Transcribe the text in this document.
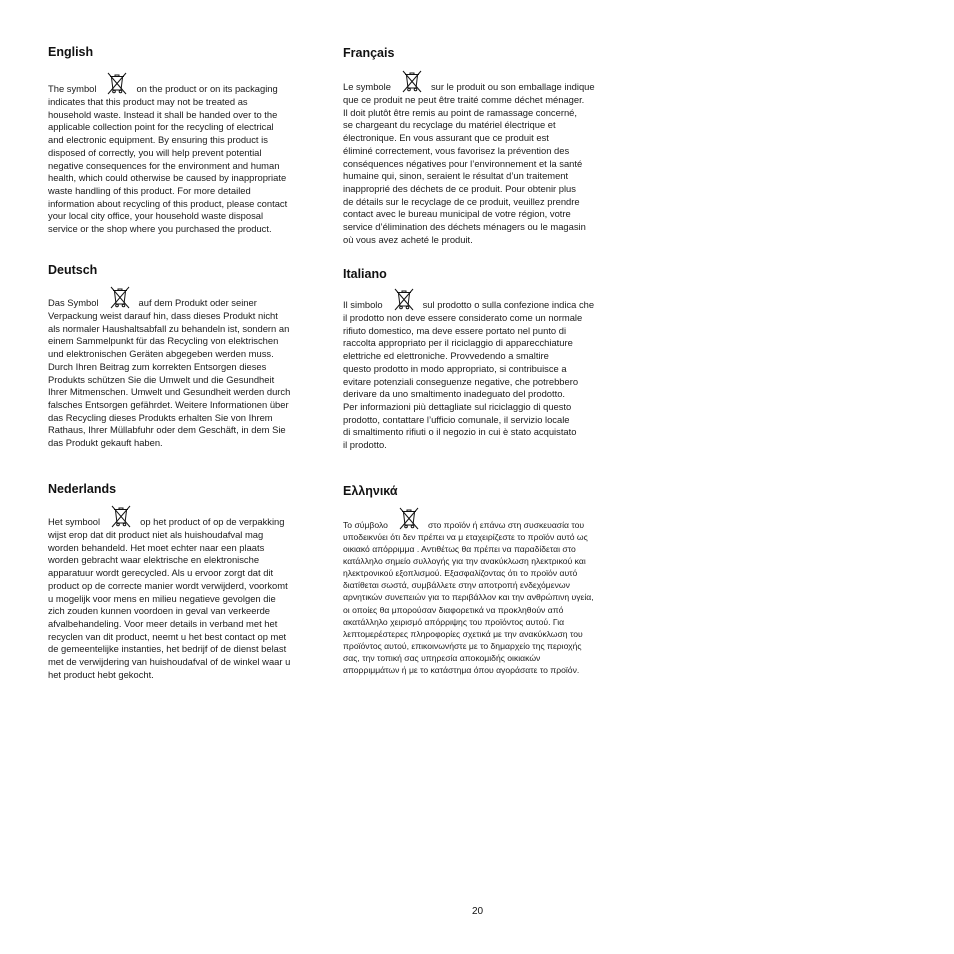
English
The symbol	on the product or on its packaging
indicates that this product may not be treated as
household waste. Instead it shall be handed over to the
applicable collection point for the recycling of electrical
and electronic equipment. By ensuring this product is
disposed of correctly, you will help prevent potential
negative consequences for the environment and human
health, which could otherwise be caused by inappropriate
waste handling of this product. For more detailed
information about recycling of this product, please contact
your local city office, your household waste disposal
service or the shop where you purchased the product.
Deutsch
Das Symbol	auf dem Produkt oder seiner
Verpackung weist darauf hin, dass dieses Produkt nicht
als normaler Haushaltsabfall zu behandeln ist, sondern an
einem Sammelpunkt für das Recycling von elektrischen
und elektronischen Geräten abgegeben werden muss.
Durch Ihren Beitrag zum korrekten Entsorgen dieses
Produkts schützen Sie die Umwelt und die Gesundheit
Ihrer Mitmenschen. Umwelt und Gesundheit werden durch
falsches Entsorgen gefährdet. Weitere Informationen über
das Recycling dieses Produkts erhalten Sie von Ihrem
Rathaus, Ihrer Müllabfuhr oder dem Geschäft, in dem Sie
das Produkt gekauft haben.
Nederlands
Het symbool	op het product of op de verpakking
wijst erop dat dit product niet als huishoudafval mag
worden behandeld. Het moet echter naar een plaats
worden gebracht waar elektrische en elektronische
apparatuur wordt gerecycled. Als u ervoor zorgt dat dit
product op de correcte manier wordt verwijderd, voorkomt
u mogelijk voor mens en milieu negatieve gevolgen die
zich zouden kunnen voordoen in geval van verkeerde
afvalbehandeling. Voor meer details in verband met het
recyclen van dit product, neemt u het best contact op met
de gemeentelijke instanties, het bedrijf of de dienst belast
met de verwijdering van huishoudafval of de winkel waar u
het product hebt gekocht.
Français
Le symbole	sur le produit ou son emballage indique
que ce produit ne peut être traité comme déchet ménager.
Il doit plutôt être remis au point de ramassage concerné,
se chargeant du recyclage du matériel électrique et
électronique. En vous assurant que ce produit est
éliminé correctement, vous favorisez la prévention des
conséquences négatives pour l’environnement et la santé
humaine qui, sinon, seraient le résultat d’un traitement
inapproprié des déchets de ce produit. Pour obtenir plus
de détails sur le recyclage de ce produit, veuillez prendre
contact avec le bureau municipal de votre région, votre
service d’élimination des déchets ménagers ou le magasin
où vous avez acheté le produit.
Italiano
Il simbolo	sul prodotto o sulla confezione indica che
il prodotto non deve essere considerato come un normale
rifiuto domestico, ma deve essere portato nel punto di
raccolta appropriato per il riciclaggio di apparecchiature
elettriche ed elettroniche. Provvedendo a smaltire
questo prodotto in modo appropriato, si contribuisce a
evitare potenziali conseguenze negative, che potrebbero
derivare da uno smaltimento inadeguato del prodotto.
Per informazioni più dettagliate sul riciclaggio di questo
prodotto, contattare l’ufficio comunale, il servizio locale
di smaltimento rifiuti o il negozio in cui è stato acquistato
il prodotto.
Ελληνικά
Το σύμβολο	στο προϊόν ή επάνω στη συσκευασία του
υποδεικνύει ότι δεν πρέπει να μ εταχειρίζεστε το προϊόν αυτό ως
οικιακό απόρριμμα . Αντιθέτως θα πρέπει να παραδίδεται στο
κατάλληλο σημείο συλλογής για την ανακύκλωση ηλεκτρικού και
ηλεκτρονικού εξοπλισμού. Εξασφαλίζοντας ότι το προϊόν αυτό
διατίθεται σωστά, συμβάλλετε στην αποτροπή ενδεχόμενων
αρνητικών συνεπειών για το περιβάλλον και την ανθρώπινη υγεία,
οι οποίες θα μπορούσαν διαφορετικά να προκληθούν από
ακατάλληλο χειρισμό απόρριψης του προϊόντος αυτού. Για
λεπτομερέστερες πληροφορίες σχετικά με την ανακύκλωση του
προϊόντος αυτού, επικοινωνήστε με το δημαρχείο της περιοχής
σας, την τοπική σας υπηρεσία αποκομιδής οικιακών
απορριμμάτων ή με το κατάστημα όπου αγοράσατε το προϊόν.
20
